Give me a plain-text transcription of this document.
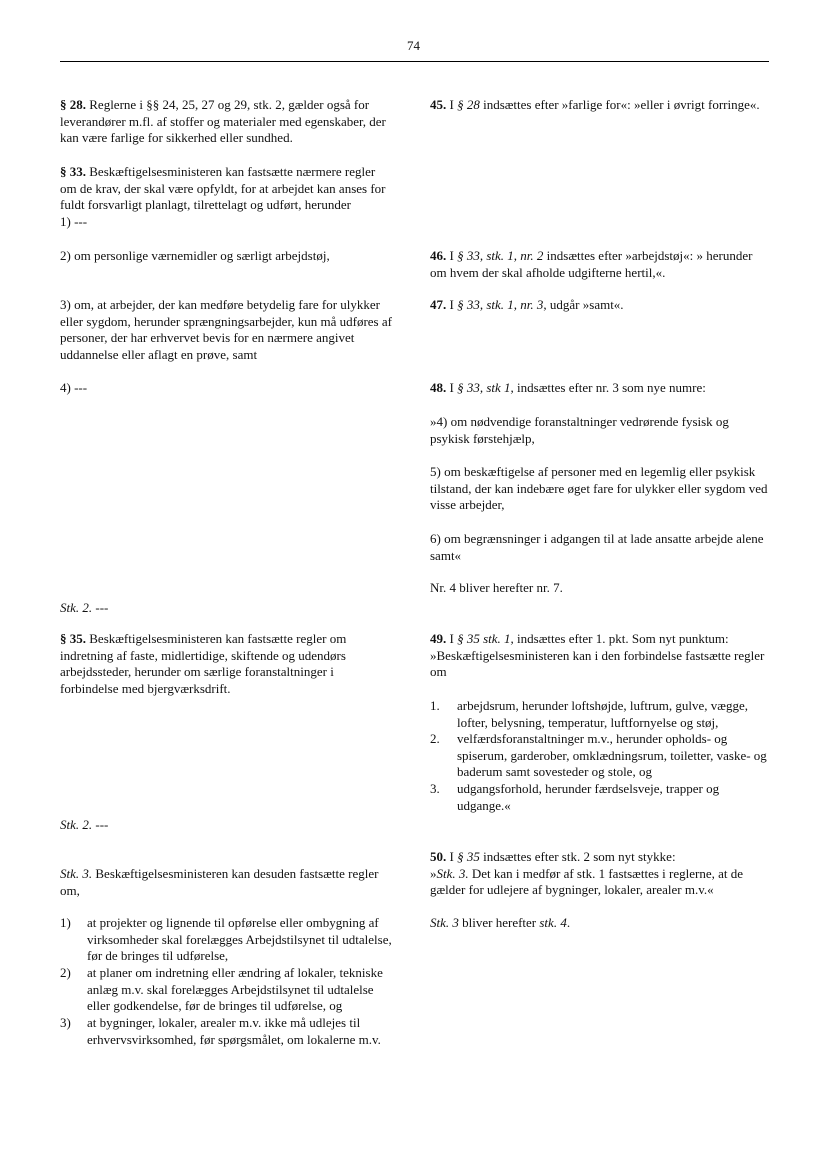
74

§ 28. Reglerne i §§ 24, 25, 27 og 29, stk. 2, gælder også for leverandører m.fl. af stoffer og materialer med egenskaber, der kan være farlige for sikkerhed eller sundhed.

§ 33. Beskæftigelsesministeren kan fastsætte nærmere regler om de krav, der skal være opfyldt, for at arbejdet kan anses for fuldt forsvarligt planlagt, tilrettelagt og udført, herunder
1) ---

2) om personlige værnemidler og særligt arbejdstøj,

3) om, at arbejder, der kan medføre betydelig fare for ulykker eller sygdom, herunder sprængningsarbejder, kun må udføres af personer, der har erhvervet bevis for en nærmere angivet uddannelse eller aflagt en prøve, samt

4) ---

Stk. 2. ---

§ 35. Beskæftigelsesministeren kan fastsætte regler om indretning af faste, midlertidige, skiftende og udendørs arbejdssteder, herunder om særlige foranstaltninger i forbindelse med bjergværksdrift.

Stk. 2. ---

Stk. 3. Beskæftigelsesministeren kan desuden fastsætte regler om,

1) at projekter og lignende til opførelse eller ombygning af virksomheder skal forelægges Arbejdstilsynet til udtalelse, før de bringes til udførelse,
2) at planer om indretning eller ændring af lokaler, tekniske anlæg m.v. skal forelægges Arbejdstilsynet til udtalelse eller godkendelse, før de bringes til udførelse, og
3) at bygninger, lokaler, arealer m.v. ikke må udlejes til erhvervsvirksomhed, før spørgsmålet, om lokalerne m.v.

45. I § 28 indsættes efter »farlige for«: »eller i øvrigt forringe«.

46. I § 33, stk. 1, nr. 2 indsættes efter »arbejdstøj«: » herunder om hvem der skal afholde udgifterne hertil,«.

47. I § 33, stk. 1, nr. 3, udgår »samt«.

48. I § 33, stk 1, indsættes efter nr. 3 som nye numre:

»4) om nødvendige foranstaltninger vedrørende fysisk og psykisk førstehjælp,

5) om beskæftigelse af personer med en legemlig eller psykisk tilstand, der kan indebære øget fare for ulykker eller sygdom ved visse arbejder,

6) om begrænsninger i adgangen til at lade ansatte arbejde alene samt«

Nr. 4 bliver herefter nr. 7.

49. I § 35 stk. 1, indsættes efter 1. pkt. Som nyt punktum: »Beskæftigelsesministeren kan i den forbindelse fastsætte regler om

1. arbejdsrum, herunder loftshøjde, luftrum, gulve, vægge, lofter, belysning, temperatur, luftfornyelse og støj,
2. velfærdsforanstaltninger m.v., herunder opholds- og spiserum, garderober, omklædningsrum, toiletter, vaske- og baderum samt sovesteder og stole, og
3. udgangsforhold, herunder færdselsveje, trapper og udgange.«

50. I § 35 indsættes efter stk. 2 som nyt stykke:
»Stk. 3. Det kan i medfør af stk. 1 fastsættes i reglerne, at de gælder for udlejere af bygninger, lokaler, arealer m.v.«

Stk. 3 bliver herefter stk. 4.
